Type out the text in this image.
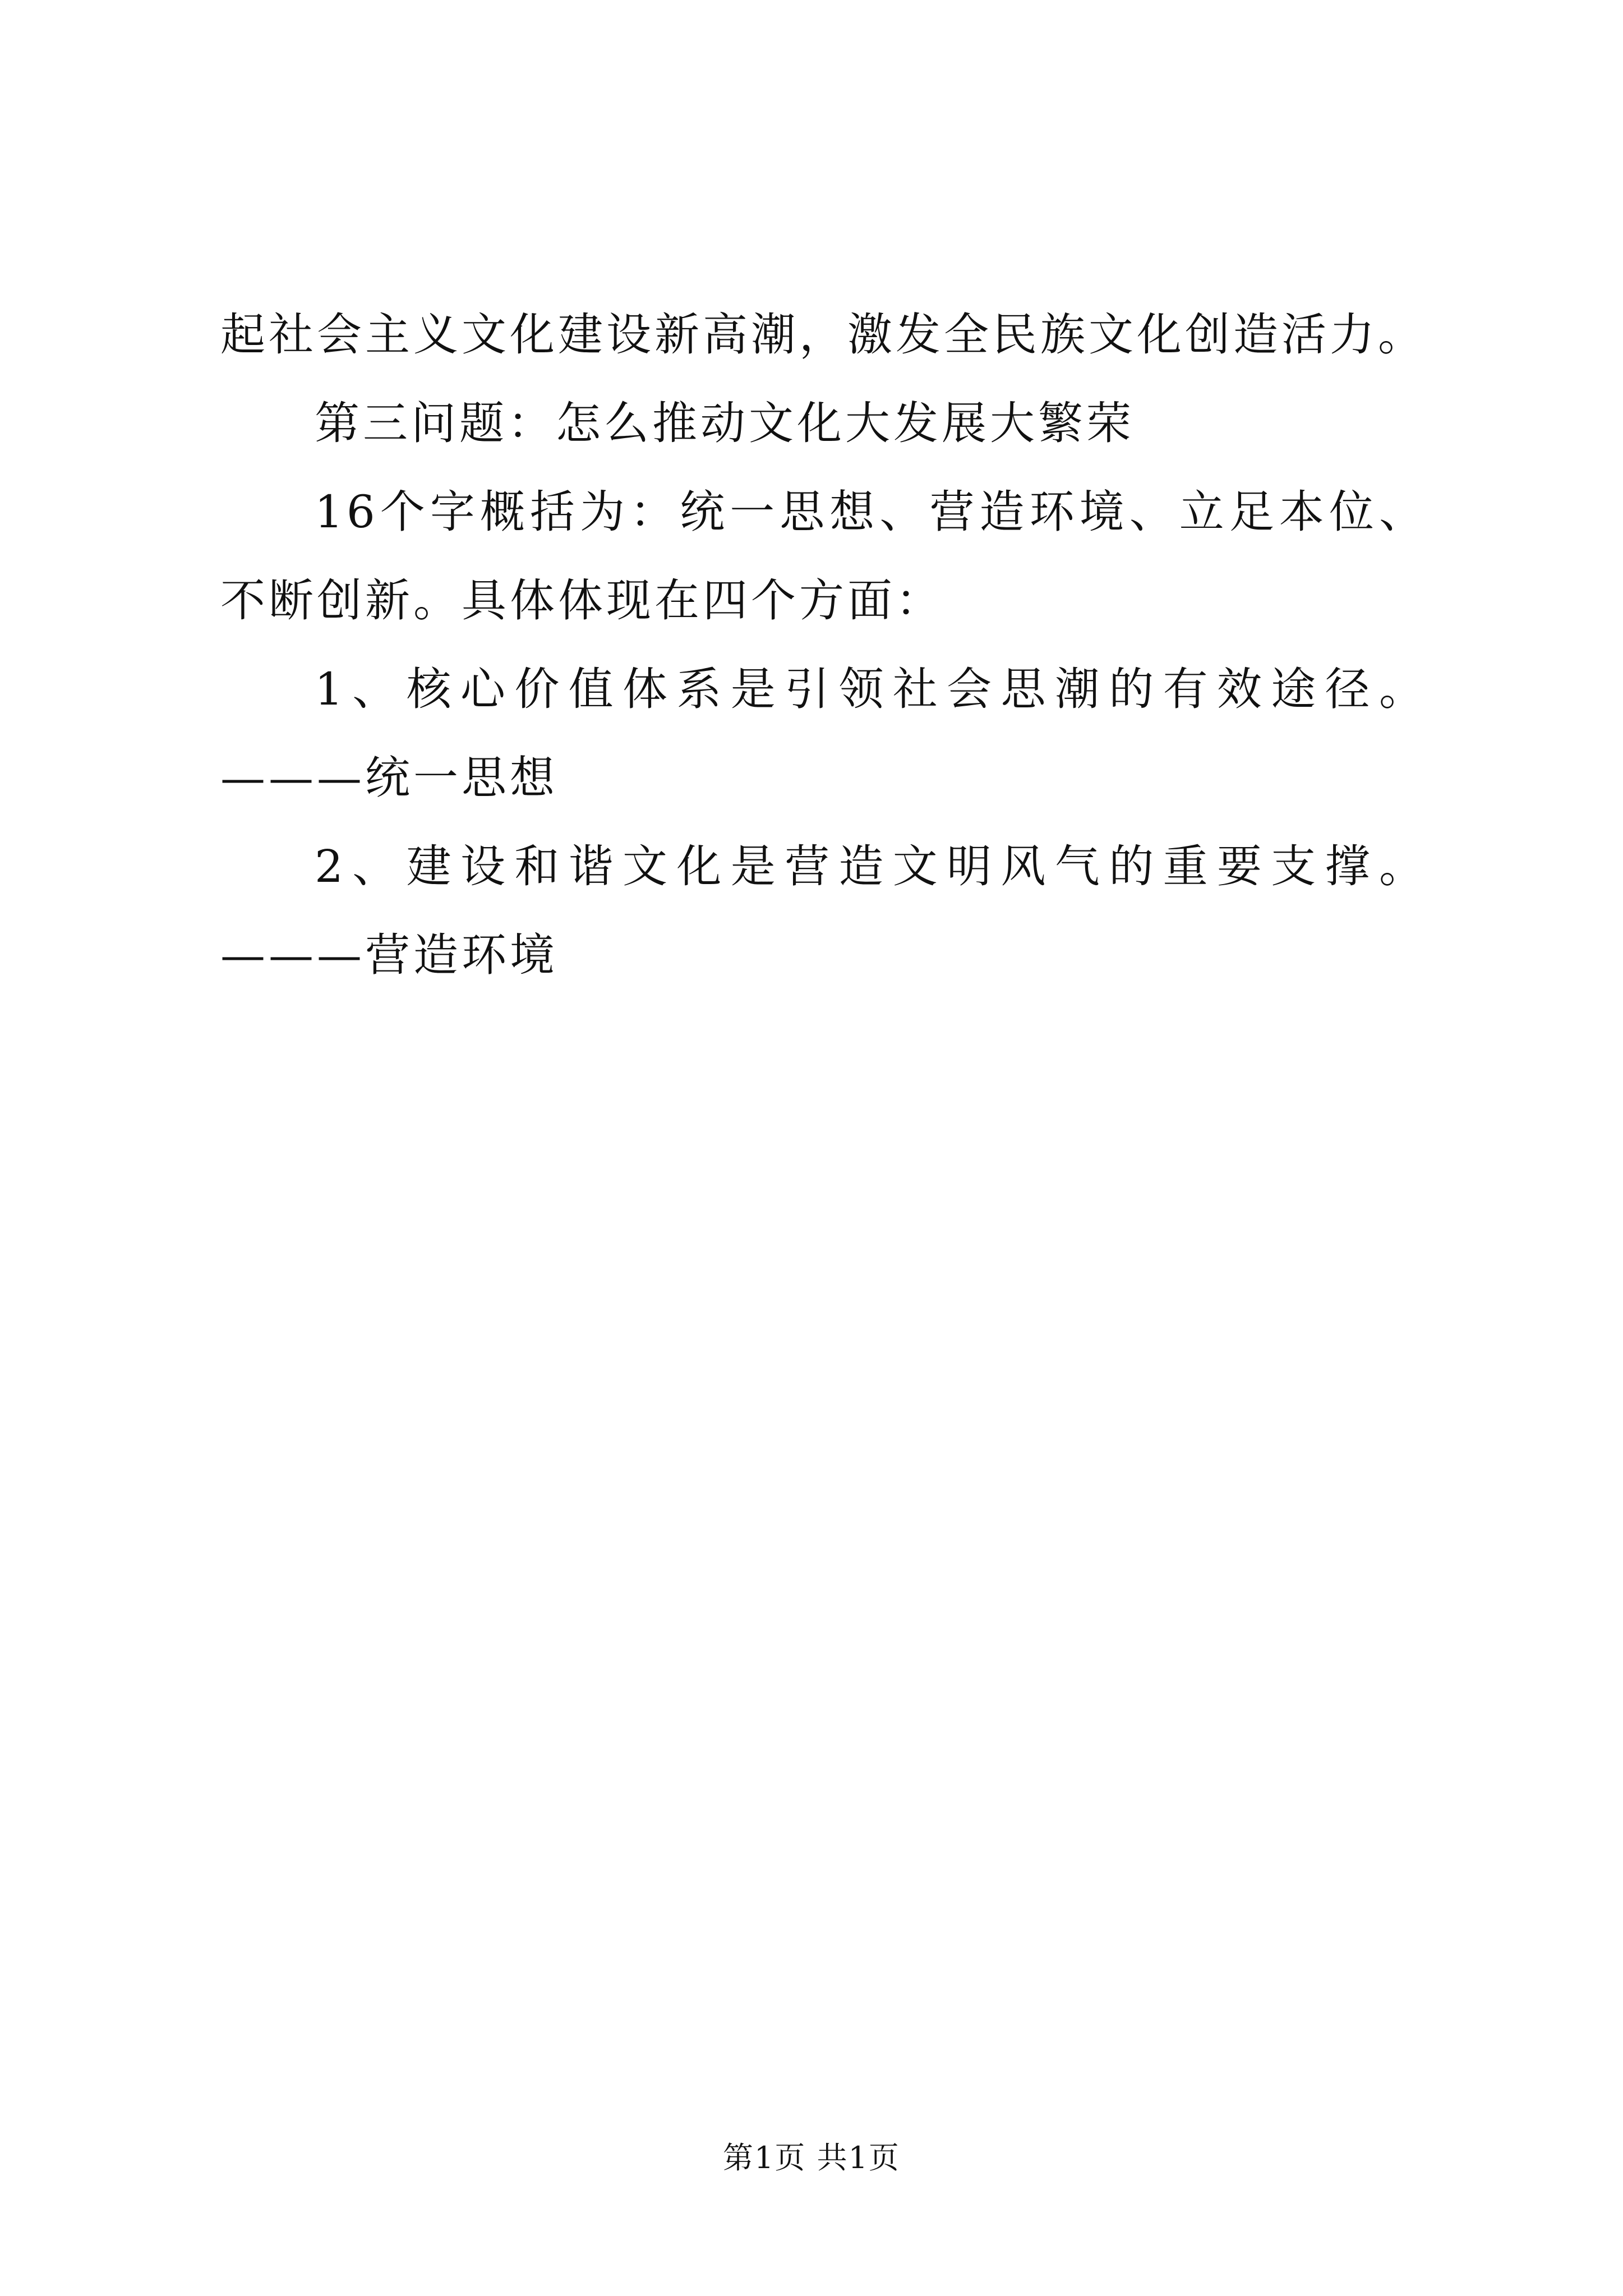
起社会主义文化建设新高潮，激发全民族文化创造活力。

第三问题：怎么推动文化大发展大繁荣

16个字概括为：统一思想、营造环境、立足本位、不断创新。具体体现在四个方面：

1、核心价值体系是引领社会思潮的有效途径。———统一思想

2、建设和谐文化是营造文明风气的重要支撑。———营造环境

第1页 共1页
